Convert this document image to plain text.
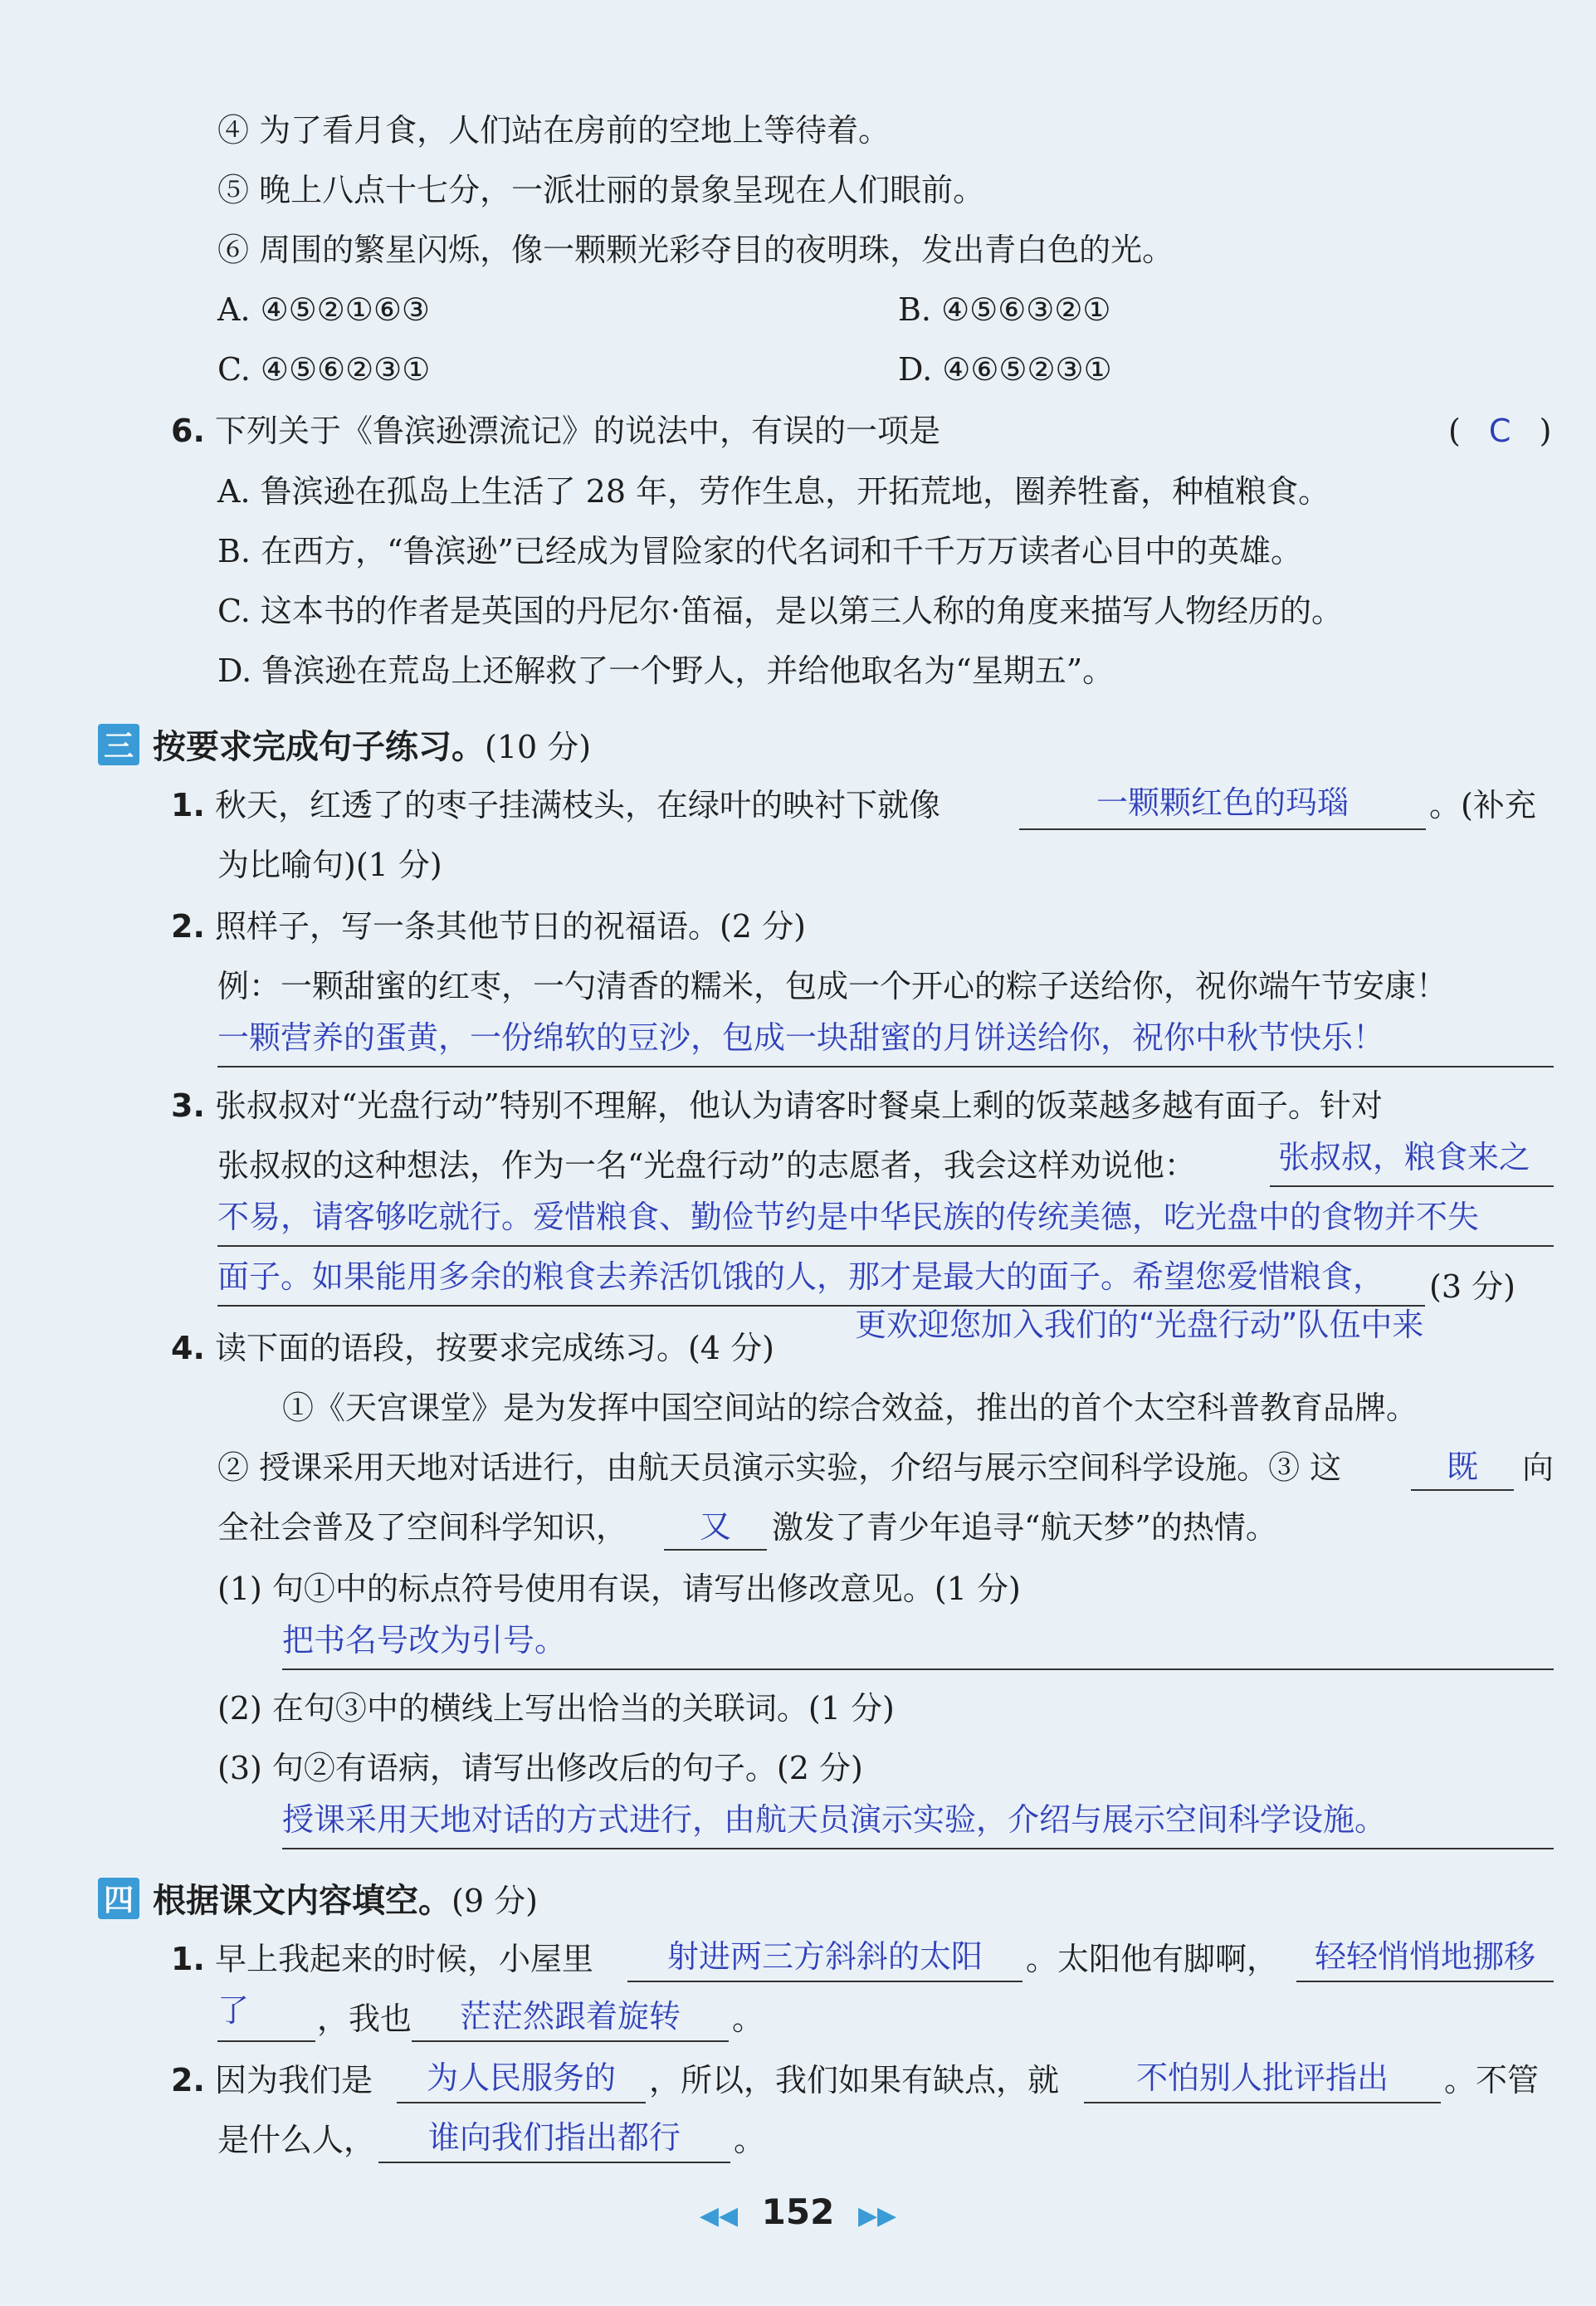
④ 为了看月食，人们站在房前的空地上等待着。
⑤ 晚上八点十七分，一派壮丽的景象呈现在人们眼前。
⑥ 周围的繁星闪烁，像一颗颗光彩夺目的夜明珠，发出青白色的光。
A. ④⑤②①⑥③	B. ④⑤⑥③②①
C. ④⑤⑥②③①	D. ④⑥⑤②③①
6. 下列关于《鲁滨逊漂流记》的说法中，有误的一项是	( C )
A. 鲁滨逊在孤岛上生活了 28 年，劳作生息，开拓荒地，圈养牲畜，种植粮食。
B. 在西方，“鲁滨逊”已经成为冒险家的代名词和千千万万读者心目中的英雄。
C. 这本书的作者是英国的丹尼尔·笛福，是以第三人称的角度来描写人物经历的。
D. 鲁滨逊在荒岛上还解救了一个野人，并给他取名为“星期五”。
三 按要求完成句子练习。(10 分)
1. 秋天，红透了的枣子挂满枝头，在绿叶的映衬下就像	一颗颗红色的玛瑙	。(补充
为比喻句)(1 分)
2. 照样子，写一条其他节日的祝福语。(2 分)
例：一颗甜蜜的红枣，一勺清香的糯米，包成一个开心的粽子送给你，祝你端午节安康！
一颗营养的蛋黄，一份绵软的豆沙，包成一块甜蜜的月饼送给你，祝你中秋节快乐！
3. 张叔叔对“光盘行动”特别不理解，他认为请客时餐桌上剩的饭菜越多越有面子。针对
张叔叔的这种想法，作为一名“光盘行动”的志愿者，我会这样劝说他：	张叔叔，粮食来之
不易，请客够吃就行。爱惜粮食、勤俭节约是中华民族的传统美德，吃光盘中的食物并不失
面子。如果能用多余的粮食去养活饥饿的人，那才是最大的面子。希望您爱惜粮食， (3 分)
更欢迎您加入我们的“光盘行动”队伍中来
4. 读下面的语段，按要求完成练习。(4 分)
①《天宫课堂》是为发挥中国空间站的综合效益，推出的首个太空科普教育品牌。
② 授课采用天地对话进行，由航天员演示实验，介绍与展示空间科学设施。③ 这	既	向
全社会普及了空间科学知识，	又	激发了青少年追寻“航天梦”的热情。
(1) 句①中的标点符号使用有误，请写出修改意见。(1 分)
把书名号改为引号。
(2) 在句③中的横线上写出恰当的关联词。(1 分)
(3) 句②有语病，请写出修改后的句子。(2 分)
授课采用天地对话的方式进行，由航天员演示实验，介绍与展示空间科学设施。
四 根据课文内容填空。(9 分)
1. 早上我起来的时候，小屋里	射进两三方斜斜的太阳	。太阳他有脚啊，	轻轻悄悄地挪移
了 ，我也	茫茫然跟着旋转	。
2. 因为我们是	为人民服务的	，所以，我们如果有缺点，就	不怕别人批评指出	。不管
是什么人，	谁向我们指出都行	。
◀◀ 152 ▶▶
